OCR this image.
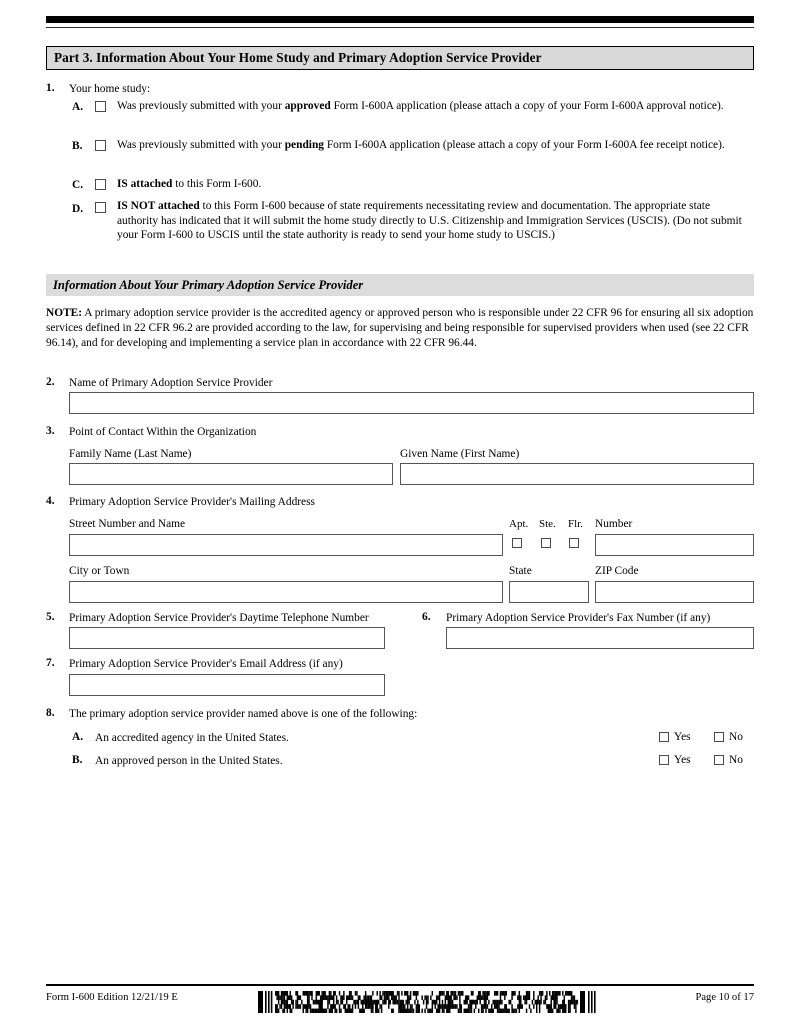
Part 3. Information About Your Home Study and Primary Adoption Service Provider
1. Your home study:
A.	Was previously submitted with your approved Form I-600A application (please attach a copy of your Form I-600A approval notice).
B.	Was previously submitted with your pending Form I-600A application (please attach a copy of your Form I-600A fee receipt notice).
C.	IS attached to this Form I-600.
D.	IS NOT attached to this Form I-600 because of state requirements necessitating review and documentation. The appropriate state authority has indicated that it will submit the home study directly to U.S. Citizenship and Immigration Services (USCIS). (Do not submit your Form I-600 to USCIS until the state authority is ready to send your home study to USCIS.)
Information About Your Primary Adoption Service Provider
NOTE: A primary adoption service provider is the accredited agency or approved person who is responsible under 22 CFR 96 for ensuring all six adoption services defined in 22 CFR 96.2 are provided according to the law, for supervising and being responsible for supervised providers when used (see 22 CFR 96.14), and for developing and implementing a service plan in accordance with 22 CFR 96.44.
2. Name of Primary Adoption Service Provider
3. Point of Contact Within the Organization
Family Name (Last Name)	Given Name (First Name)
4. Primary Adoption Service Provider's Mailing Address
Street Number and Name	Apt. Ste. Flr. Number
City or Town	State	ZIP Code
5. Primary Adoption Service Provider's Daytime Telephone Number	6. Primary Adoption Service Provider's Fax Number (if any)
7. Primary Adoption Service Provider's Email Address (if any)
8. The primary adoption service provider named above is one of the following:
A. An accredited agency in the United States.	Yes	No
B. An approved person in the United States.	Yes	No
Form I-600 Edition 12/21/19 E	Page 10 of 17
